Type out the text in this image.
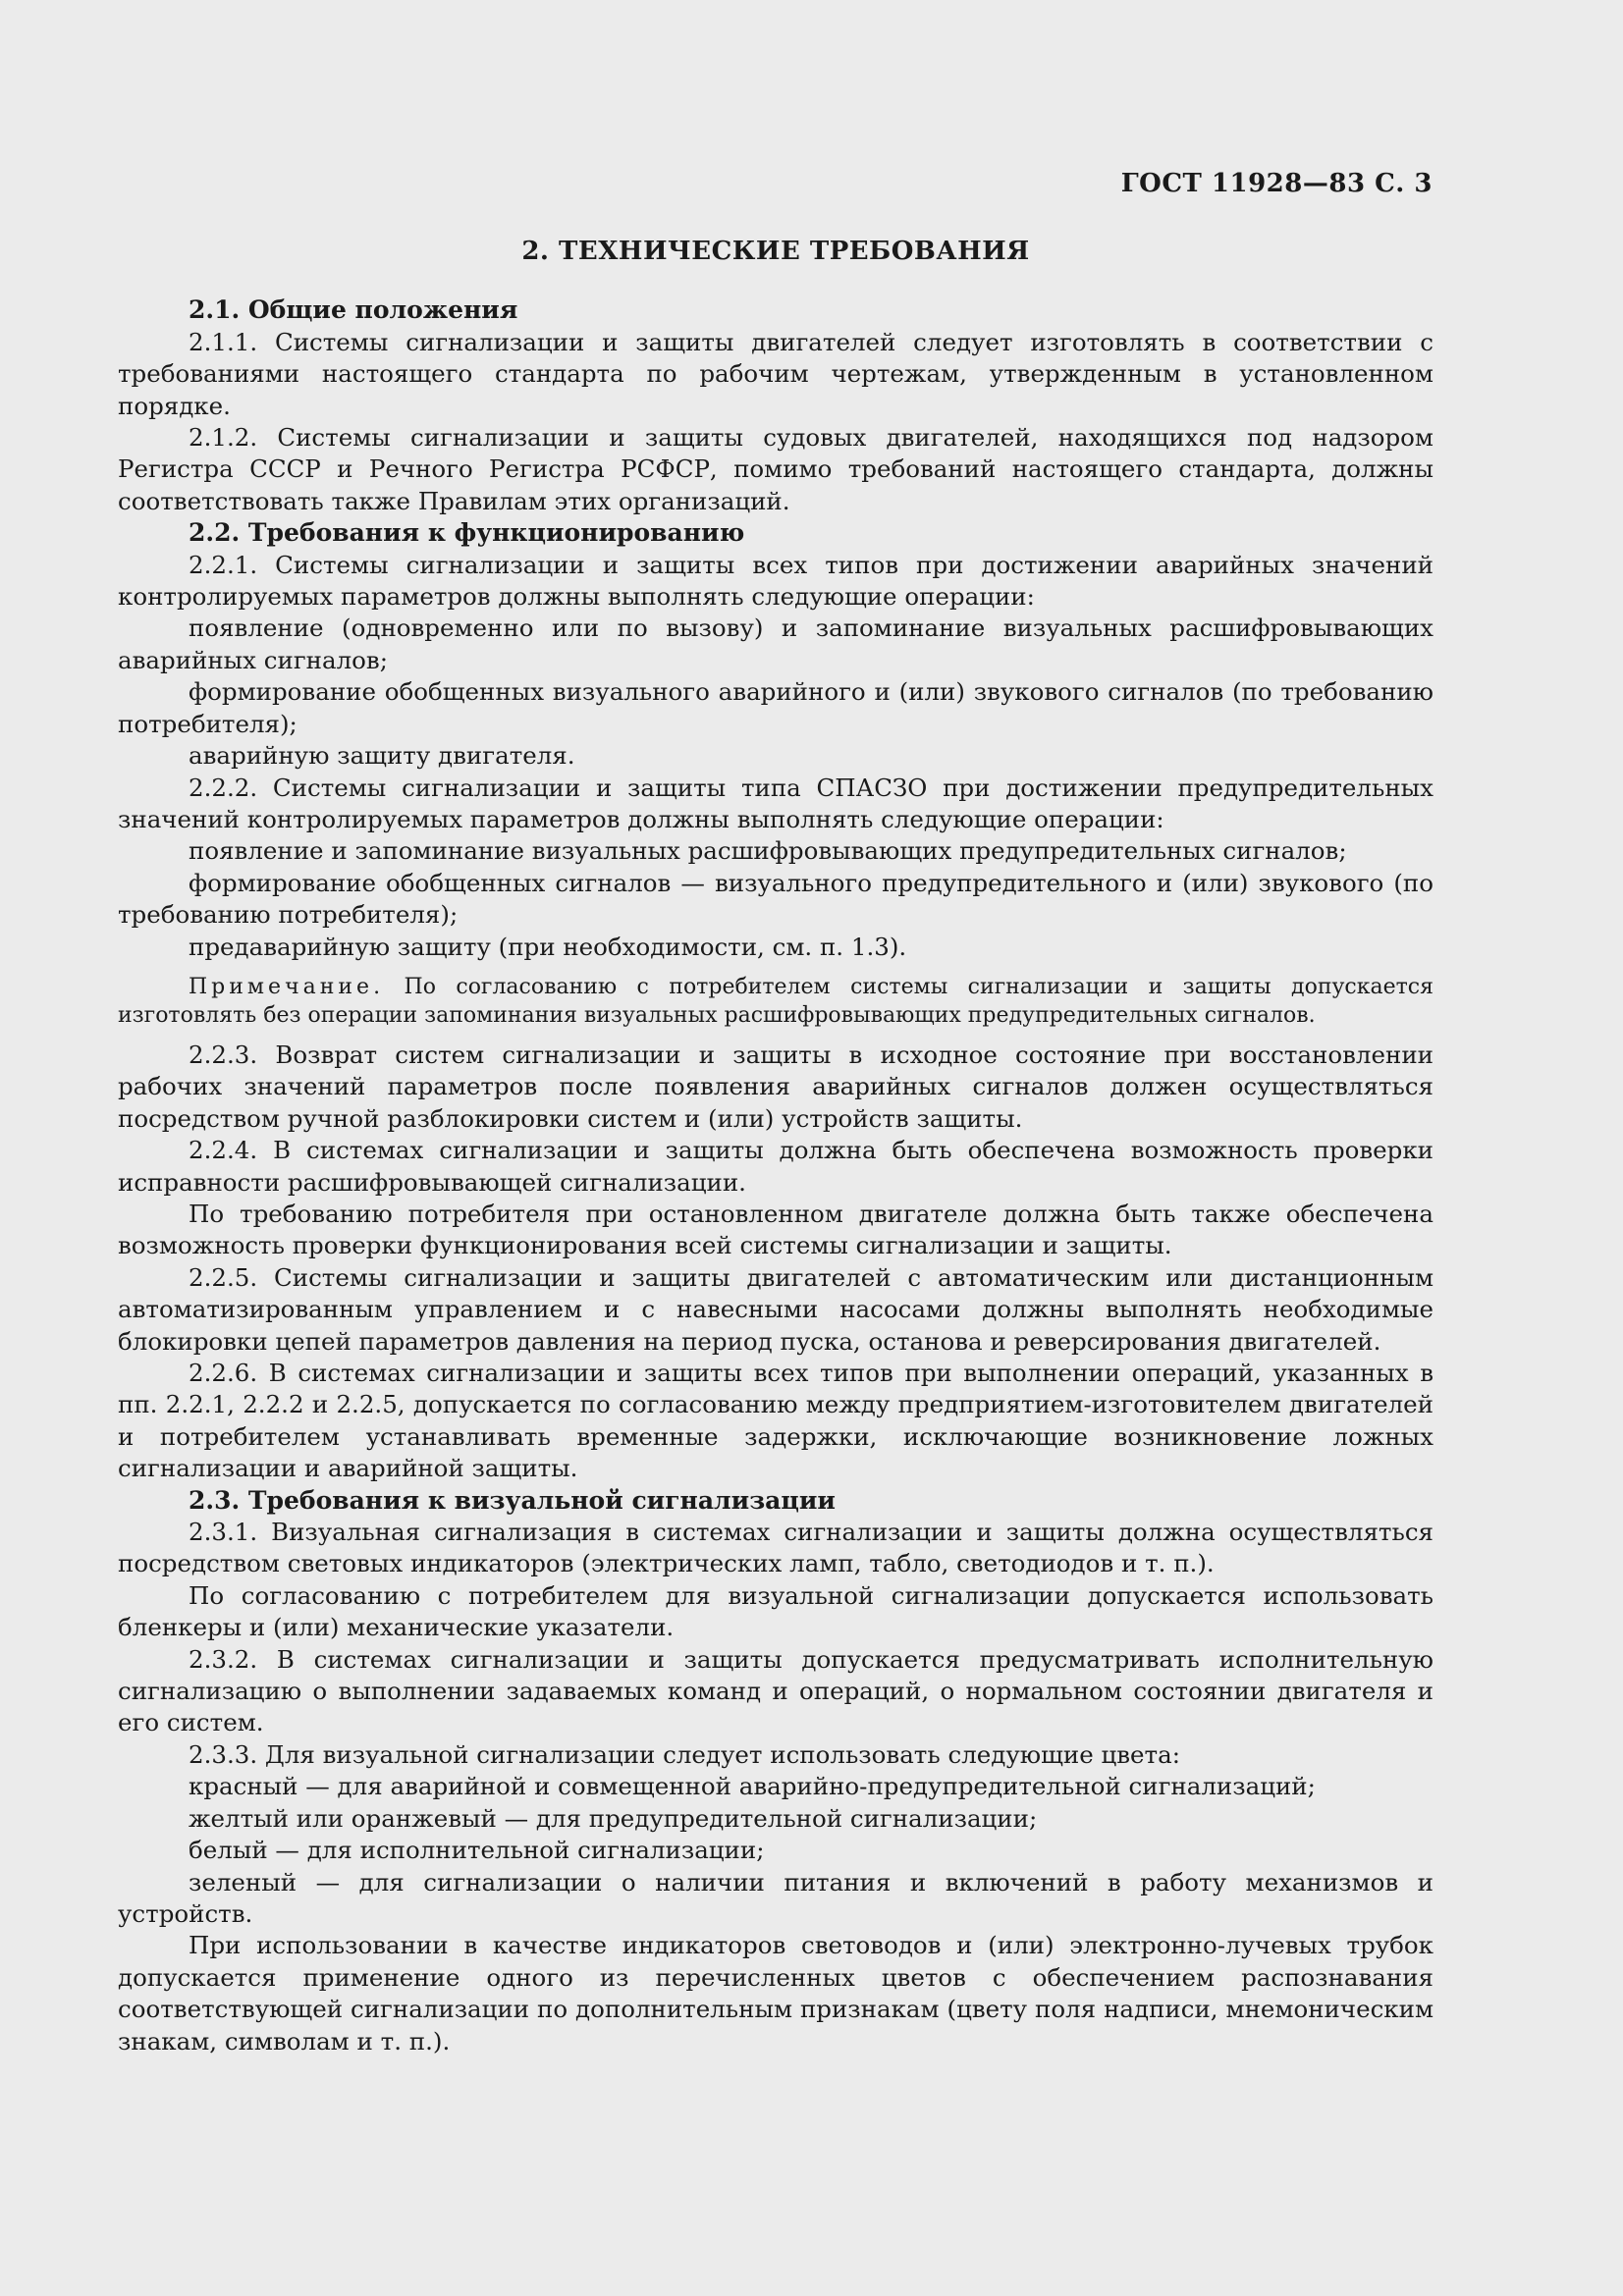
ГОСТ 11928—83 С. 3
2. ТЕХНИЧЕСКИЕ ТРЕБОВАНИЯ

2.1. Общие положения

2.1.1. Системы сигнализации и защиты двигателей следует изготовлять в соответствии с требованиями настоящего стандарта по рабочим чертежам, утвержденным в установленном порядке.

2.1.2. Системы сигнализации и защиты судовых двигателей, находящихся под надзором Регистра СССР и Речного Регистра РСФСР, помимо требований настоящего стандарта, должны соответствовать также Правилам этих организаций.

2.2. Требования к функционированию

2.2.1. Системы сигнализации и защиты всех типов при достижении аварийных значений контролируемых параметров должны выполнять следующие операции:

появление (одновременно или по вызову) и запоминание визуальных расшифровывающих аварийных сигналов;

формирование обобщенных визуального аварийного и (или) звукового сигналов (по требованию потребителя);

аварийную защиту двигателя.

2.2.2. Системы сигнализации и защиты типа СПАСЗО при достижении предупредительных значений контролируемых параметров должны выполнять следующие операции:

появление и запоминание визуальных расшифровывающих предупредительных сигналов;

формирование обобщенных сигналов — визуального предупредительного и (или) звукового (по требованию потребителя);

предаварийную защиту (при необходимости, см. п. 1.3).

Примечание. По согласованию с потребителем системы сигнализации и защиты допускается изготовлять без операции запоминания визуальных расшифровывающих предупредительных сигналов.

2.2.3. Возврат систем сигнализации и защиты в исходное состояние при восстановлении рабочих значений параметров после появления аварийных сигналов должен осуществляться посредством ручной разблокировки систем и (или) устройств защиты.

2.2.4. В системах сигнализации и защиты должна быть обеспечена возможность проверки исправности расшифровывающей сигнализации.

По требованию потребителя при остановленном двигателе должна быть также обеспечена возможность проверки функционирования всей системы сигнализации и защиты.

2.2.5. Системы сигнализации и защиты двигателей с автоматическим или дистанционным автоматизированным управлением и с навесными насосами должны выполнять необходимые блокировки цепей параметров давления на период пуска, останова и реверсирования двигателей.

2.2.6. В системах сигнализации и защиты всех типов при выполнении операций, указанных в пп. 2.2.1, 2.2.2 и 2.2.5, допускается по согласованию между предприятием-изготовителем двигателей и потребителем устанавливать временные задержки, исключающие возникновение ложных сигнализации и аварийной защиты.

2.3. Требования к визуальной сигнализации

2.3.1. Визуальная сигнализация в системах сигнализации и защиты должна осуществляться посредством световых индикаторов (электрических ламп, табло, светодиодов и т. п.).

По согласованию с потребителем для визуальной сигнализации допускается использовать бленкеры и (или) механические указатели.

2.3.2. В системах сигнализации и защиты допускается предусматривать исполнительную сигнализацию о выполнении задаваемых команд и операций, о нормальном состоянии двигателя и его систем.

2.3.3. Для визуальной сигнализации следует использовать следующие цвета:

красный — для аварийной и совмещенной аварийно-предупредительной сигнализаций;

желтый или оранжевый — для предупредительной сигнализации;

белый — для исполнительной сигнализации;

зеленый — для сигнализации о наличии питания и включений в работу механизмов и устройств.

При использовании в качестве индикаторов световодов и (или) электронно-лучевых трубок допускается применение одного из перечисленных цветов с обеспечением распознавания соответствующей сигнализации по дополнительным признакам (цвету поля надписи, мнемоническим знакам, символам и т. п.).
